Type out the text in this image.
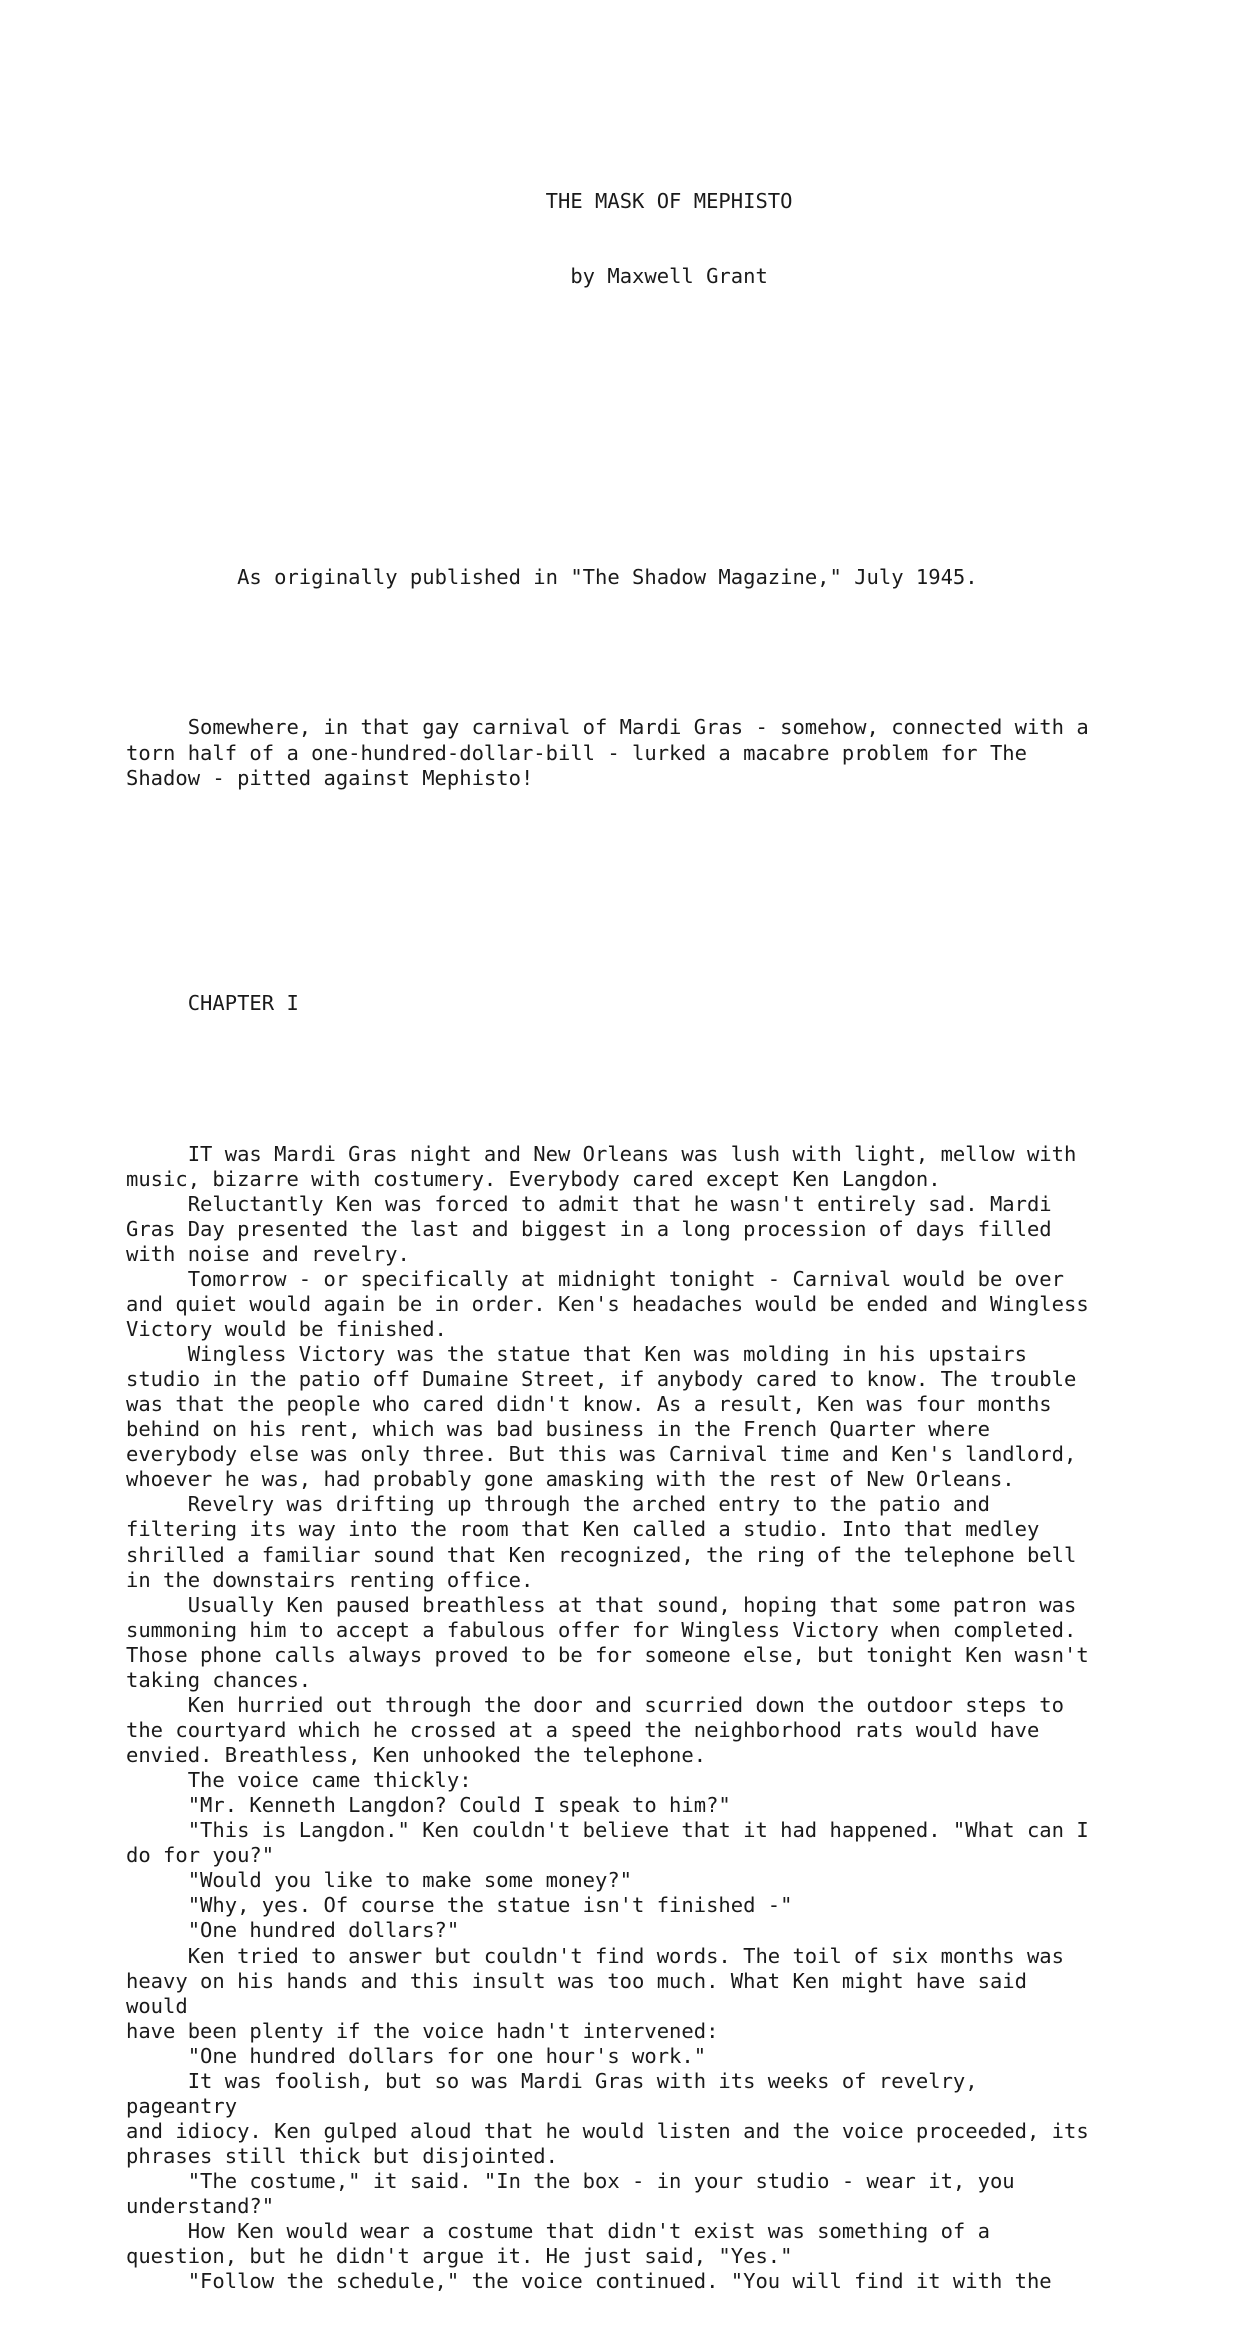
THE MASK OF MEPHISTO

by Maxwell Grant

As originally published in "The Shadow Magazine," July 1945.

Somewhere, in that gay carnival of Mardi Gras - somehow, connected with a
torn half of a one-hundred-dollar-bill - lurked a macabre problem for The
Shadow - pitted against Mephisto!

CHAPTER I

IT was Mardi Gras night and New Orleans was lush with light, mellow with
music, bizarre with costumery. Everybody cared except Ken Langdon.
Reluctantly Ken was forced to admit that he wasn't entirely sad. Mardi
Gras Day presented the last and biggest in a long procession of days filled
with noise and revelry.
Tomorrow - or specifically at midnight tonight - Carnival would be over
and quiet would again be in order. Ken's headaches would be ended and Wingless
Victory would be finished.
Wingless Victory was the statue that Ken was molding in his upstairs
studio in the patio off Dumaine Street, if anybody cared to know. The trouble
was that the people who cared didn't know. As a result, Ken was four months
behind on his rent, which was bad business in the French Quarter where
everybody else was only three. But this was Carnival time and Ken's landlord,
whoever he was, had probably gone amasking with the rest of New Orleans.
Revelry was drifting up through the arched entry to the patio and
filtering its way into the room that Ken called a studio. Into that medley
shrilled a familiar sound that Ken recognized, the ring of the telephone bell
in the downstairs renting office.
Usually Ken paused breathless at that sound, hoping that some patron was
summoning him to accept a fabulous offer for Wingless Victory when completed.
Those phone calls always proved to be for someone else, but tonight Ken wasn't
taking chances.
Ken hurried out through the door and scurried down the outdoor steps to
the courtyard which he crossed at a speed the neighborhood rats would have
envied. Breathless, Ken unhooked the telephone.
The voice came thickly:
"Mr. Kenneth Langdon? Could I speak to him?"
"This is Langdon." Ken couldn't believe that it had happened. "What can I
do for you?"
"Would you like to make some money?"
"Why, yes. Of course the statue isn't finished -"
"One hundred dollars?"
Ken tried to answer but couldn't find words. The toil of six months was
heavy on his hands and this insult was too much. What Ken might have said
would
have been plenty if the voice hadn't intervened:
"One hundred dollars for one hour's work."
It was foolish, but so was Mardi Gras with its weeks of revelry,
pageantry
and idiocy. Ken gulped aloud that he would listen and the voice proceeded, its
phrases still thick but disjointed.
"The costume," it said. "In the box - in your studio - wear it, you
understand?"
How Ken would wear a costume that didn't exist was something of a
question, but he didn't argue it. He just said, "Yes."
"Follow the schedule," the voice continued. "You will find it with the
